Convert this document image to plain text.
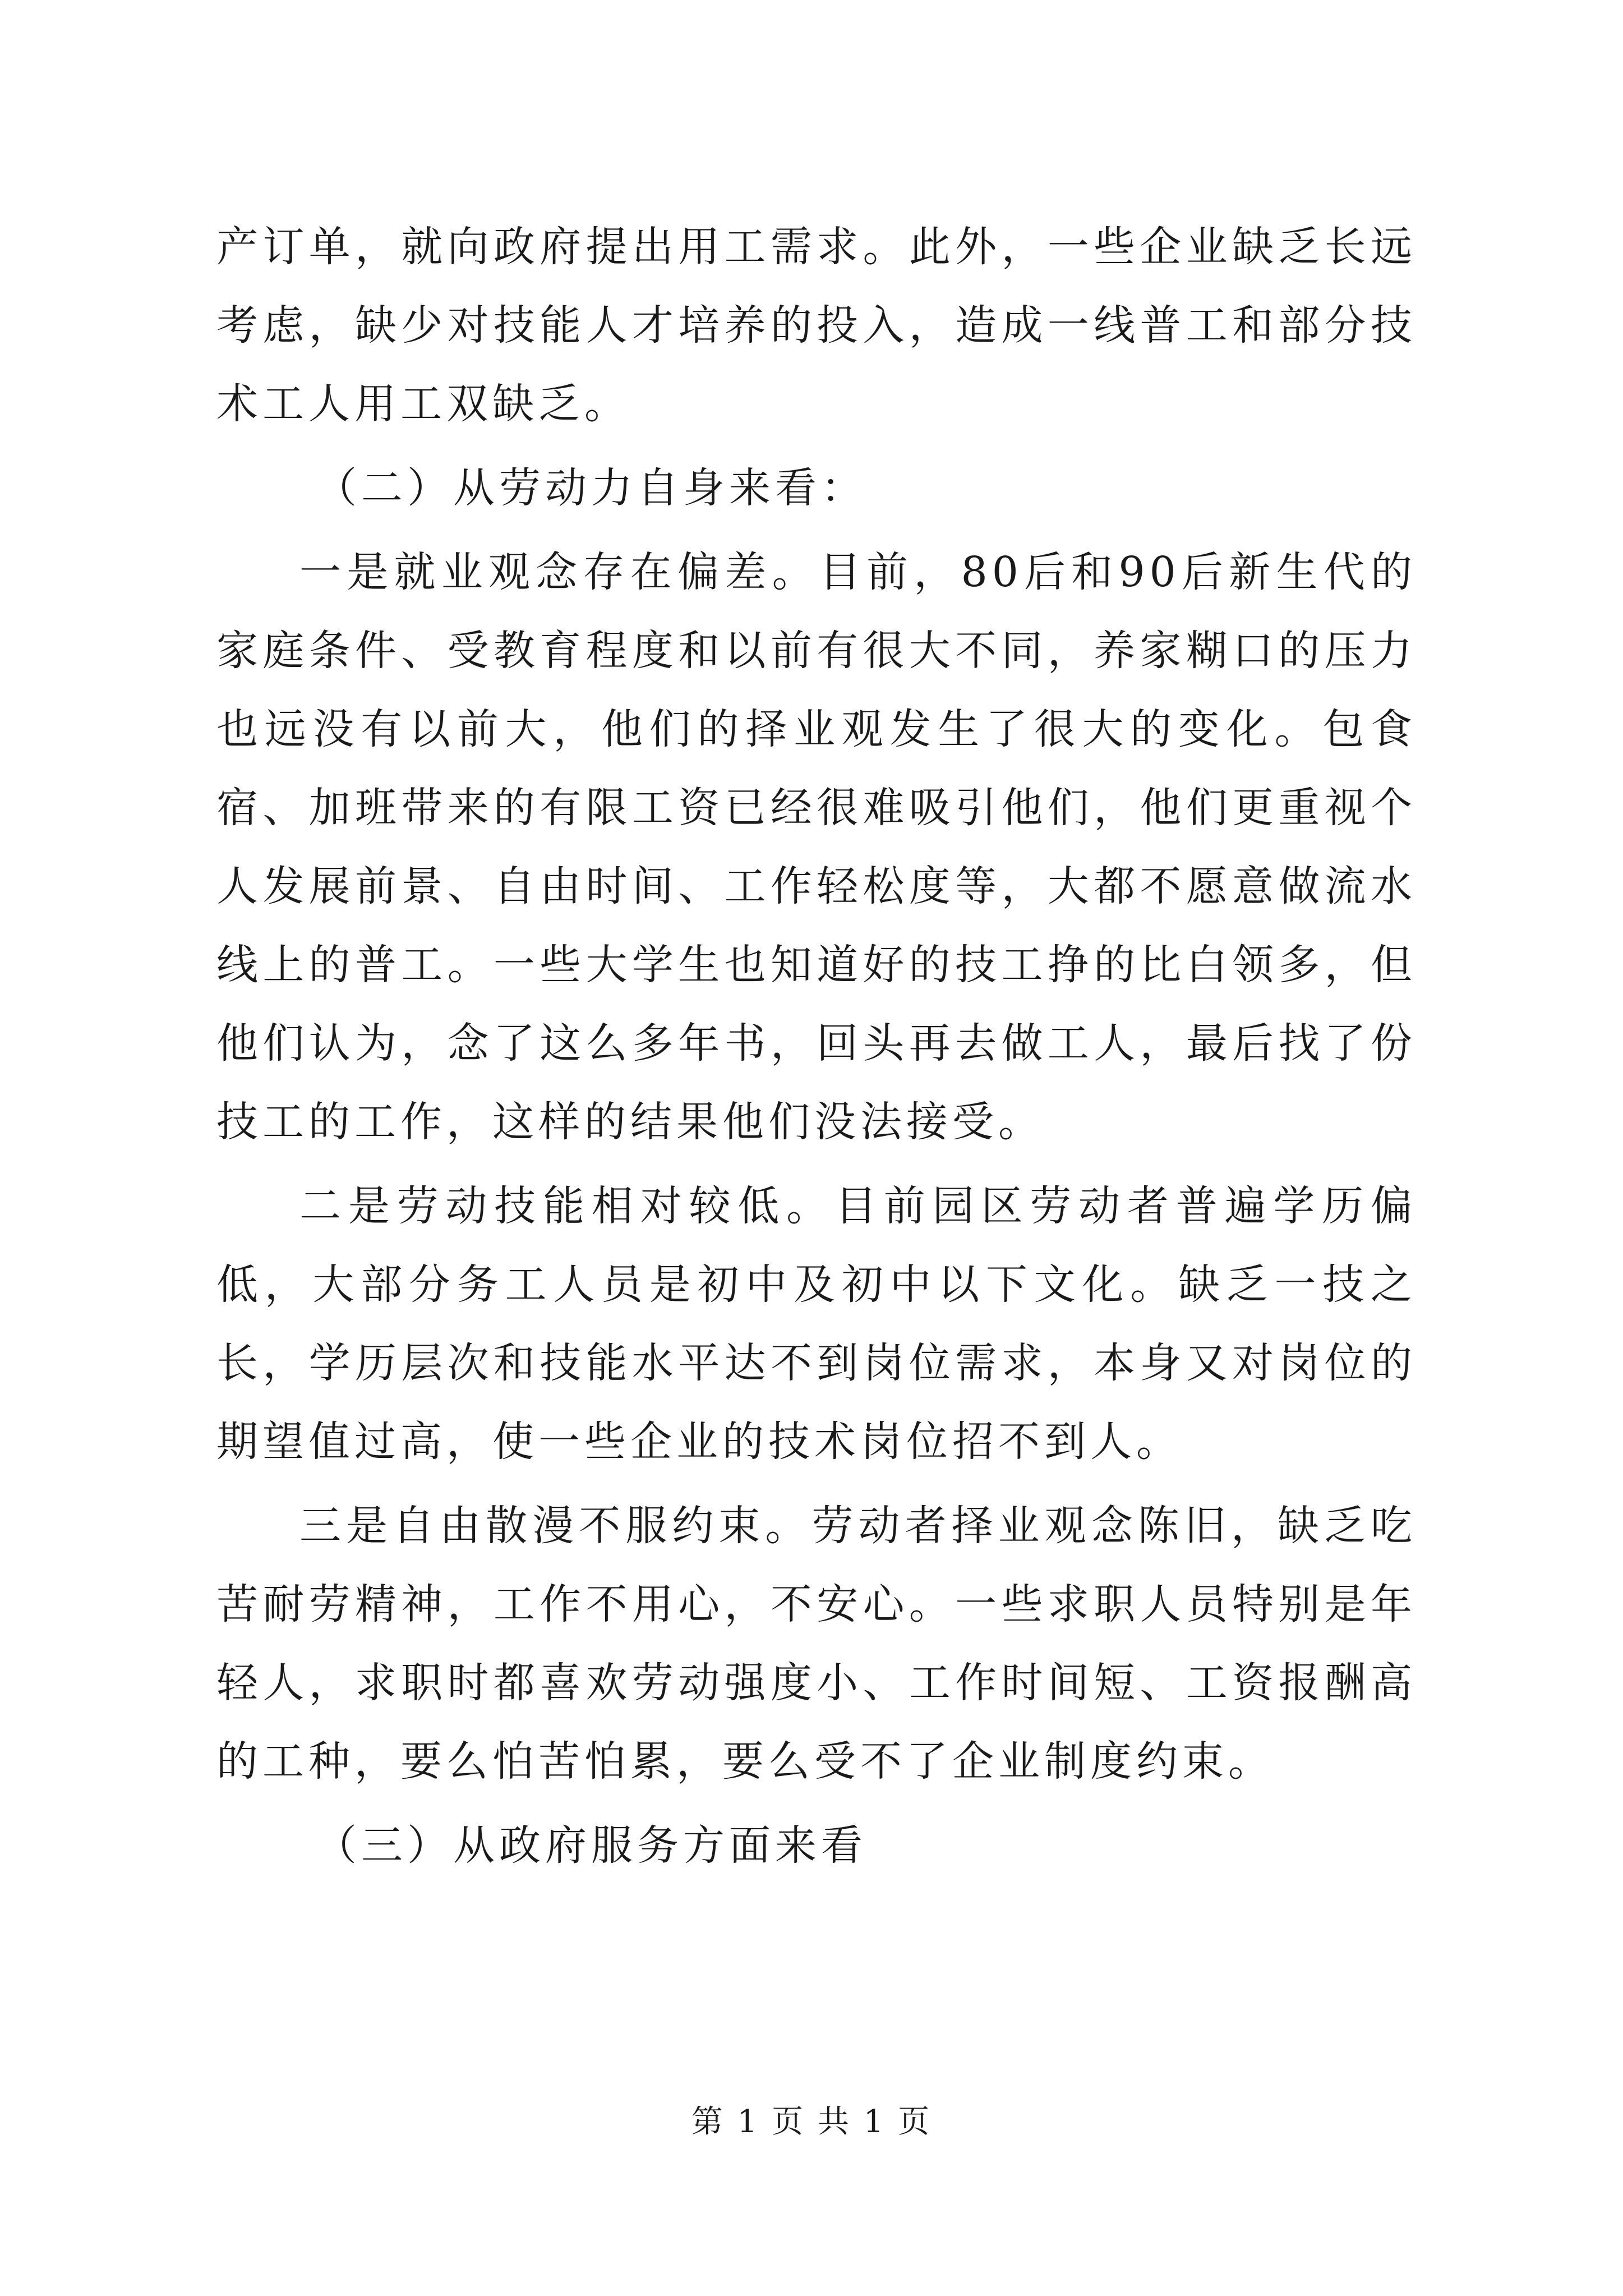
产订单，就向政府提出用工需求。此外，一些企业缺乏长远考虑，缺少对技能人才培养的投入，造成一线普工和部分技术工人用工双缺乏。

（二）从劳动力自身来看：

一是就业观念存在偏差。目前，80后和90后新生代的家庭条件、受教育程度和以前有很大不同，养家糊口的压力也远没有以前大，他们的择业观发生了很大的变化。包食宿、加班带来的有限工资已经很难吸引他们，他们更重视个人发展前景、自由时间、工作轻松度等，大都不愿意做流水线上的普工。一些大学生也知道好的技工挣的比白领多，但他们认为，念了这么多年书，回头再去做工人，最后找了份技工的工作，这样的结果他们没法接受。

二是劳动技能相对较低。目前园区劳动者普遍学历偏低，大部分务工人员是初中及初中以下文化。缺乏一技之长，学历层次和技能水平达不到岗位需求，本身又对岗位的期望值过高，使一些企业的技术岗位招不到人。

三是自由散漫不服约束。劳动者择业观念陈旧，缺乏吃苦耐劳精神，工作不用心，不安心。一些求职人员特别是年轻人，求职时都喜欢劳动强度小、工作时间短、工资报酬高的工种，要么怕苦怕累，要么受不了企业制度约束。

（三）从政府服务方面来看

第 1 页 共 1 页
